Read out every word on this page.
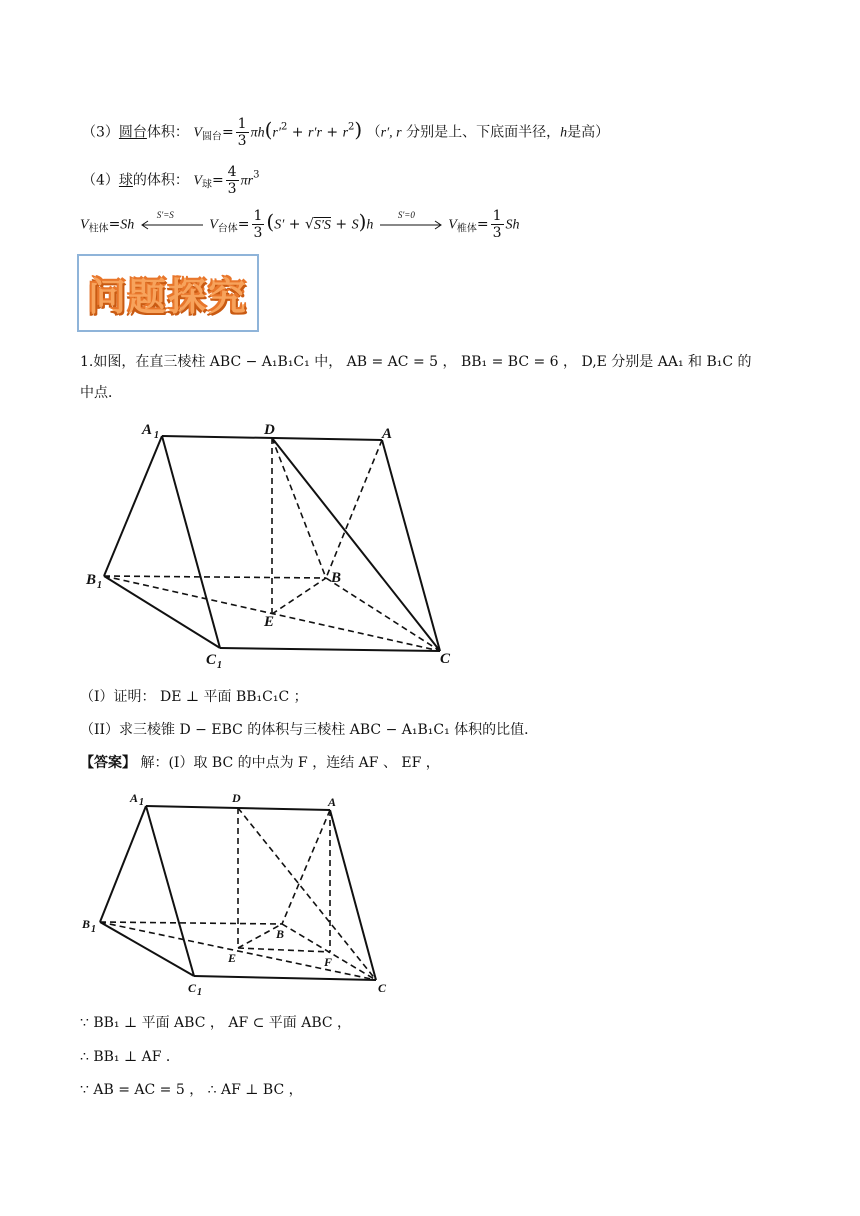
（3）圆台体积： $V_{圆台}= \frac{1}{3} \pi h(r'^2 + r'r + r^2)$ （r′, r 分别是上、下底面半径，h是高）
（4）球的体积： $V_球= \frac{4}{3} \pi r^3$
$V_{柱体}=Sh$
S′=S
$V_{台体}= \frac{1}{3} (S' + √S'S + S)h$
S′=0
$V_{椎体}= \frac{1}{3}$ Sh
问题探究
1.如图，在直三棱柱 ABC − A₁B₁C₁ 中， AB = AC = 5 ， BB₁ = BC = 6 ， D,E 分别是 AA₁ 和 B₁C 的
中点．
A 1	D	A
B 1	B
E
C 1	C
（I）证明： DE ⊥ 平面 BB₁C₁C ；
（II）求三棱锥 D − EBC 的体积与三棱柱 ABC − A₁B₁C₁ 体积的比值．
【答案】 解：(I）取 BC 的中点为 F ，连结 AF 、 EF ，
A 1	D	A
B 1	B
E	F
C 1	C
∵ BB₁ ⊥ 平面 ABC ， AF ⊂ 平面 ABC ，
∴ BB₁ ⊥ AF ．
∵ AB = AC = 5 ， ∴ AF ⊥ BC ，
